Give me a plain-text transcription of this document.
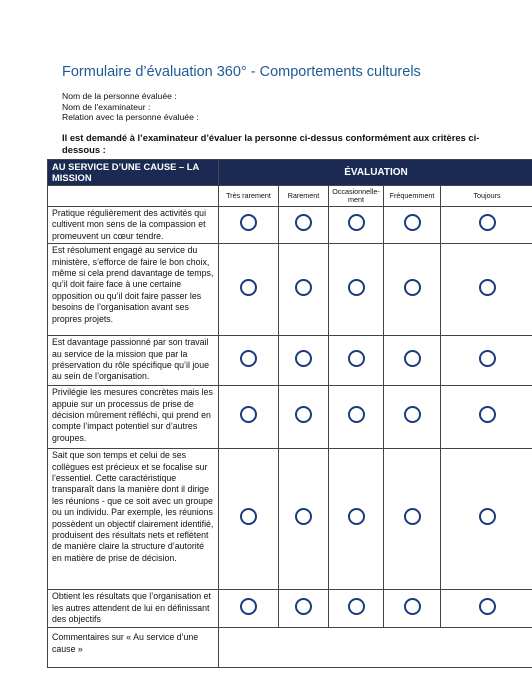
Formulaire d’évaluation 360° - Comportements culturels
Nom de la personne évaluée :
Nom de l’examinateur :
Relation avec la personne évaluée :
Il est demandé à l’examinateur d’évaluer la personne ci-dessus conformément aux critères ci-dessous :
AU SERVICE D’UNE CAUSE – LA MISSION	ÉVALUATION				
	Très rarement	Rarement	Occasionnelle-ment	Fréquemment	Toujours
Pratique régulièrement des activités qui cultivent mon sens de la compassion et promeuvent un cœur tendre.					
Est résolument engagé au service du ministère, s’efforce de faire le bon choix, même si cela prend davantage de temps, qu’il doit faire face à une certaine opposition ou qu’il doit faire passer les besoins de l’organisation avant ses propres projets.					
Est davantage passionné par son travail au service de la mission que par la préservation du rôle spécifique qu’il joue au sein de l’organisation.					
Privilégie les mesures concrètes mais les appuie sur un processus de prise de décision mûrement réfléchi, qui prend en compte l’impact potentiel sur d’autres groupes.					
Sait que son temps et celui de ses collègues est précieux et se focalise sur l’essentiel. Cette caractéristique transparaît dans la manière dont il dirige les réunions - que ce soit avec un groupe ou un individu. Par exemple, les réunions possèdent un objectif clairement identifié, produisent des résultats nets et reflètent de manière claire la structure d’autorité en matière de prise de décision.					
Obtient les résultats que l’organisation et les autres attendent de lui en définissant des objectifs					
Commentaires sur « Au service d’une cause »					
